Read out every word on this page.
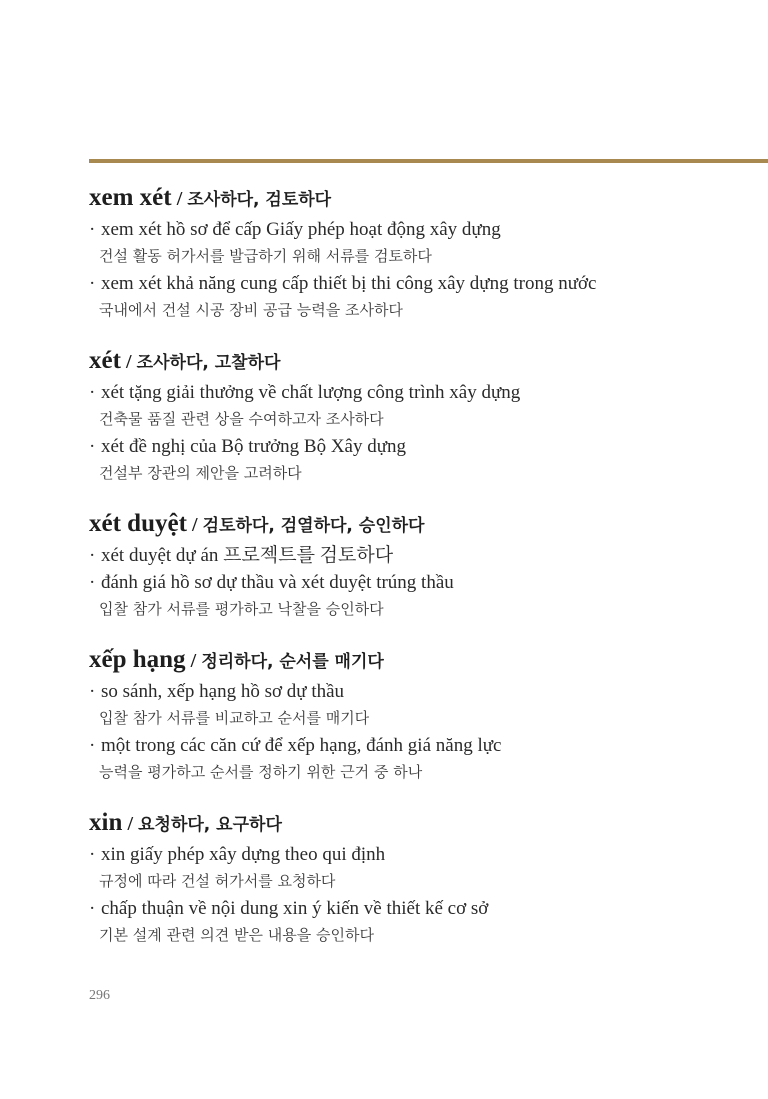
xem xét / 조사하다, 검토하다
· xem xét hồ sơ để cấp Giấy phép hoạt động xây dựng
건설 활동 허가서를 발급하기 위해 서류를 검토하다
· xem xét khả năng cung cấp thiết bị thi công xây dựng trong nước
국내에서 건설 시공 장비 공급 능력을 조사하다
xét / 조사하다, 고찰하다
· xét tặng giải thưởng về chất lượng công trình xây dựng
건축물 품질 관련 상을 수여하고자 조사하다
· xét đề nghị của Bộ trưởng Bộ Xây dựng
건설부 장관의 제안을 고려하다
xét duyệt / 검토하다, 검열하다, 승인하다
· xét duyệt dự án 프로젝트를 검토하다
· đánh giá hồ sơ dự thầu và xét duyệt trúng thầu
입찰 참가 서류를 평가하고 낙찰을 승인하다
xếp hạng / 정리하다, 순서를 매기다
· so sánh, xếp hạng hồ sơ dự thầu
입찰 참가 서류를 비교하고 순서를 매기다
· một trong các căn cứ để xếp hạng, đánh giá năng lực
능력을 평가하고 순서를 정하기 위한 근거 중 하나
xin / 요청하다, 요구하다
· xin giấy phép xây dựng theo qui định
규정에 따라 건설 허가서를 요청하다
· chấp thuận về nội dung xin ý kiến về thiết kế cơ sở
기본 설계 관련 의견 받은 내용을 승인하다
296
